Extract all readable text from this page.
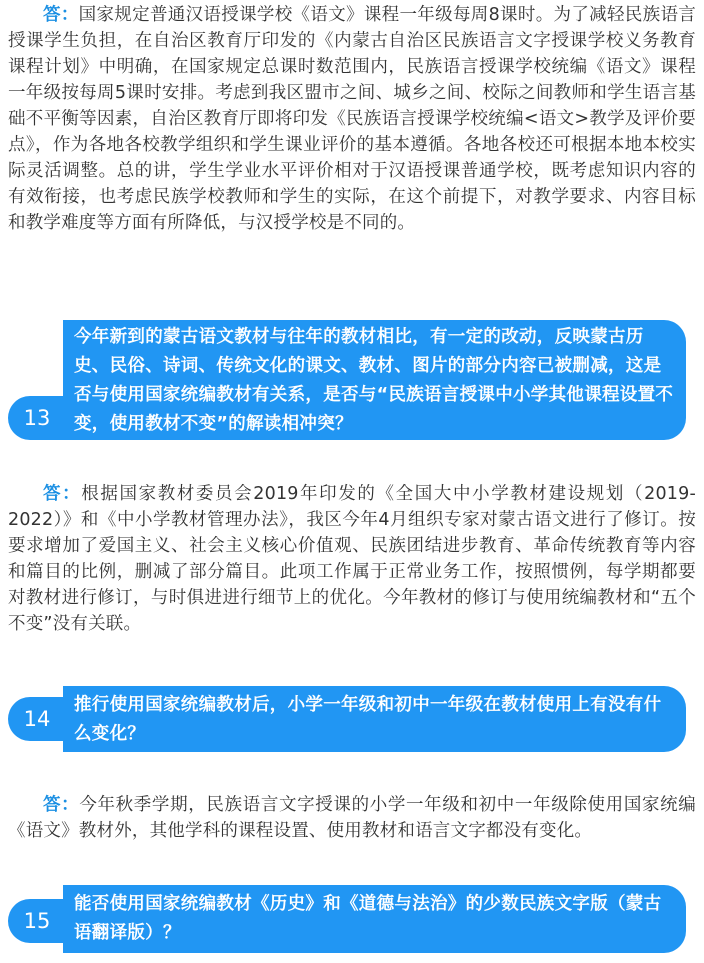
答：国家规定普通汉语授课学校《语文》课程一年级每周8课时。为了减轻民族语言授课学生负担，在自治区教育厅印发的《内蒙古自治区民族语言文字授课学校义务教育课程计划》中明确，在国家规定总课时数范围内，民族语言授课学校统编《语文》课程一年级按每周5课时安排。考虑到我区盟市之间、城乡之间、校际之间教师和学生语言基础不平衡等因素，自治区教育厅即将印发《民族语言授课学校统编<语文>教学及评价要点》，作为各地各校教学组织和学生课业评价的基本遵循。各地各校还可根据本地本校实际灵活调整。总的讲，学生学业水平评价相对于汉语授课普通学校，既考虑知识内容的有效衔接，也考虑民族学校教师和学生的实际，在这个前提下，对教学要求、内容目标和教学难度等方面有所降低，与汉授学校是不同的。

今年新到的蒙古语文教材与往年的教材相比，有一定的改动，反映蒙古历史、民俗、诗词、传统文化的课文、教材、图片的部分内容已被删减，这是否与使用国家统编教材有关系，是否与“民族语言授课中小学其他课程设置不变，使用教材不变”的解读相冲突？

13

答：根据国家教材委员会2019年印发的《全国大中小学教材建设规划（2019-2022）》和《中小学教材管理办法》，我区今年4月组织专家对蒙古语文进行了修订。按要求增加了爱国主义、社会主义核心价值观、民族团结进步教育、革命传统教育等内容和篇目的比例，删减了部分篇目。此项工作属于正常业务工作，按照惯例，每学期都要对教材进行修订，与时俱进进行细节上的优化。今年教材的修订与使用统编教材和“五个不变”没有关联。

推行使用国家统编教材后，小学一年级和初中一年级在教材使用上有没有什么变化？

14

答：今年秋季学期，民族语言文字授课的小学一年级和初中一年级除使用国家统编《语文》教材外，其他学科的课程设置、使用教材和语言文字都没有变化。

能否使用国家统编教材《历史》和《道德与法治》的少数民族文字版（蒙古语翻译版）？

15
